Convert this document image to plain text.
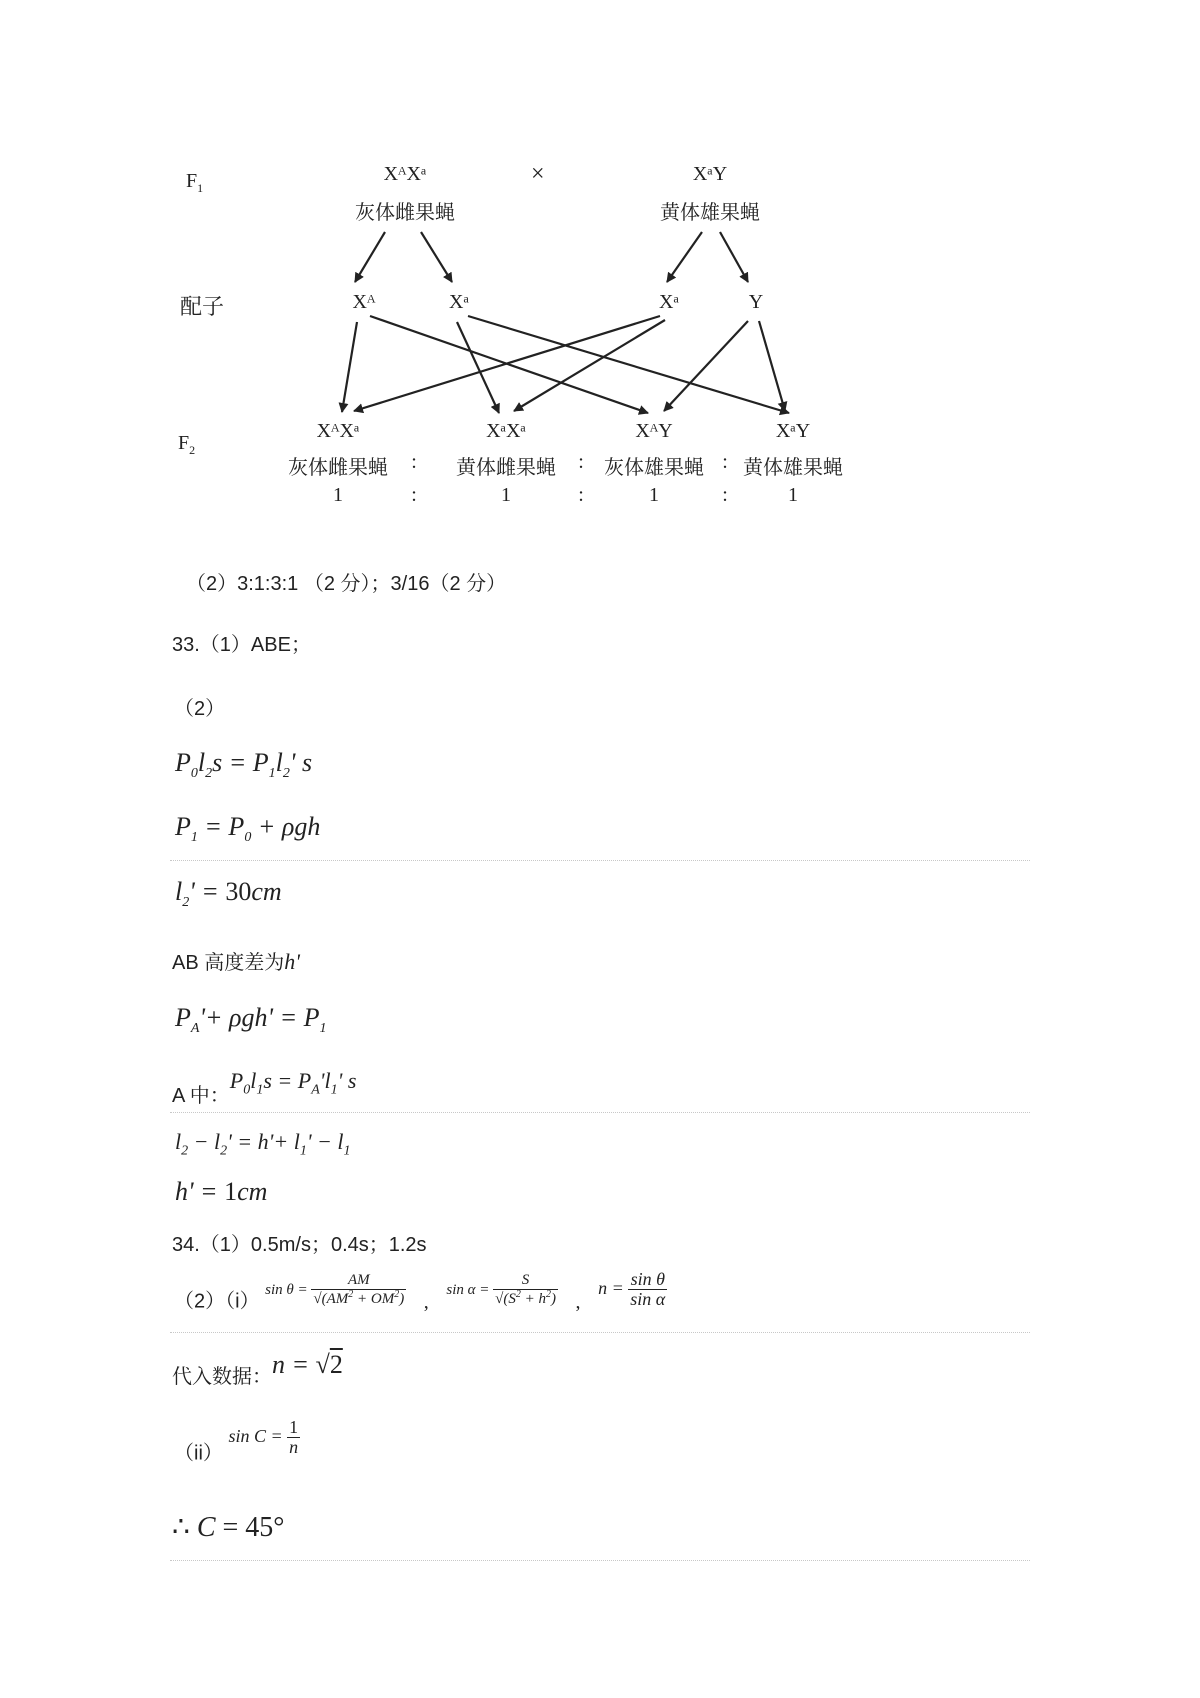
$F_1$
配子
$F_2$
XᴬXᵃ
灰体雌果蝇
×	XᵃY
黄体雄果蝇
Xᴬ	Xᵃ	Xᵃ	Y
XᴬXᵃ	XᵃXᵃ	XᴬY	XᵃY
灰体雌果蝇	黄体雌果蝇	灰体雄果蝇	黄体雄果蝇
:	:	:
1	1	1	1
:	:	:
（2）3:1:3:1 （2 分）；3/16（2 分）
33.（1）ABE；
（2）
$P_0l_2s = P_1l_2'$ s
$P_1 = P_0 + \rho gh$
$l_2' = 30cm$
AB 高度差为h'
$P_A'+ \rho gh' = P_1$
A 中：$P_0l_1s = P_A'l_1'$ s
$l_2 - l_2' = h'+ l_1' - l_1$
h' = 1cm
34.（1）0.5m/s；0.4s；1.2s
（2）（i） $\sin \theta = \frac{AM}{√(AM^2 + OM^2)}$ , $\sin \alpha = \frac{S}{√(S^2 + h^2)}$ , $n = \frac{\text{sin θ}}{\text{sin α}}$
代入数据：n = √2
（ii） $\sin C = \frac{1}{n}$
∴ C = 45°
